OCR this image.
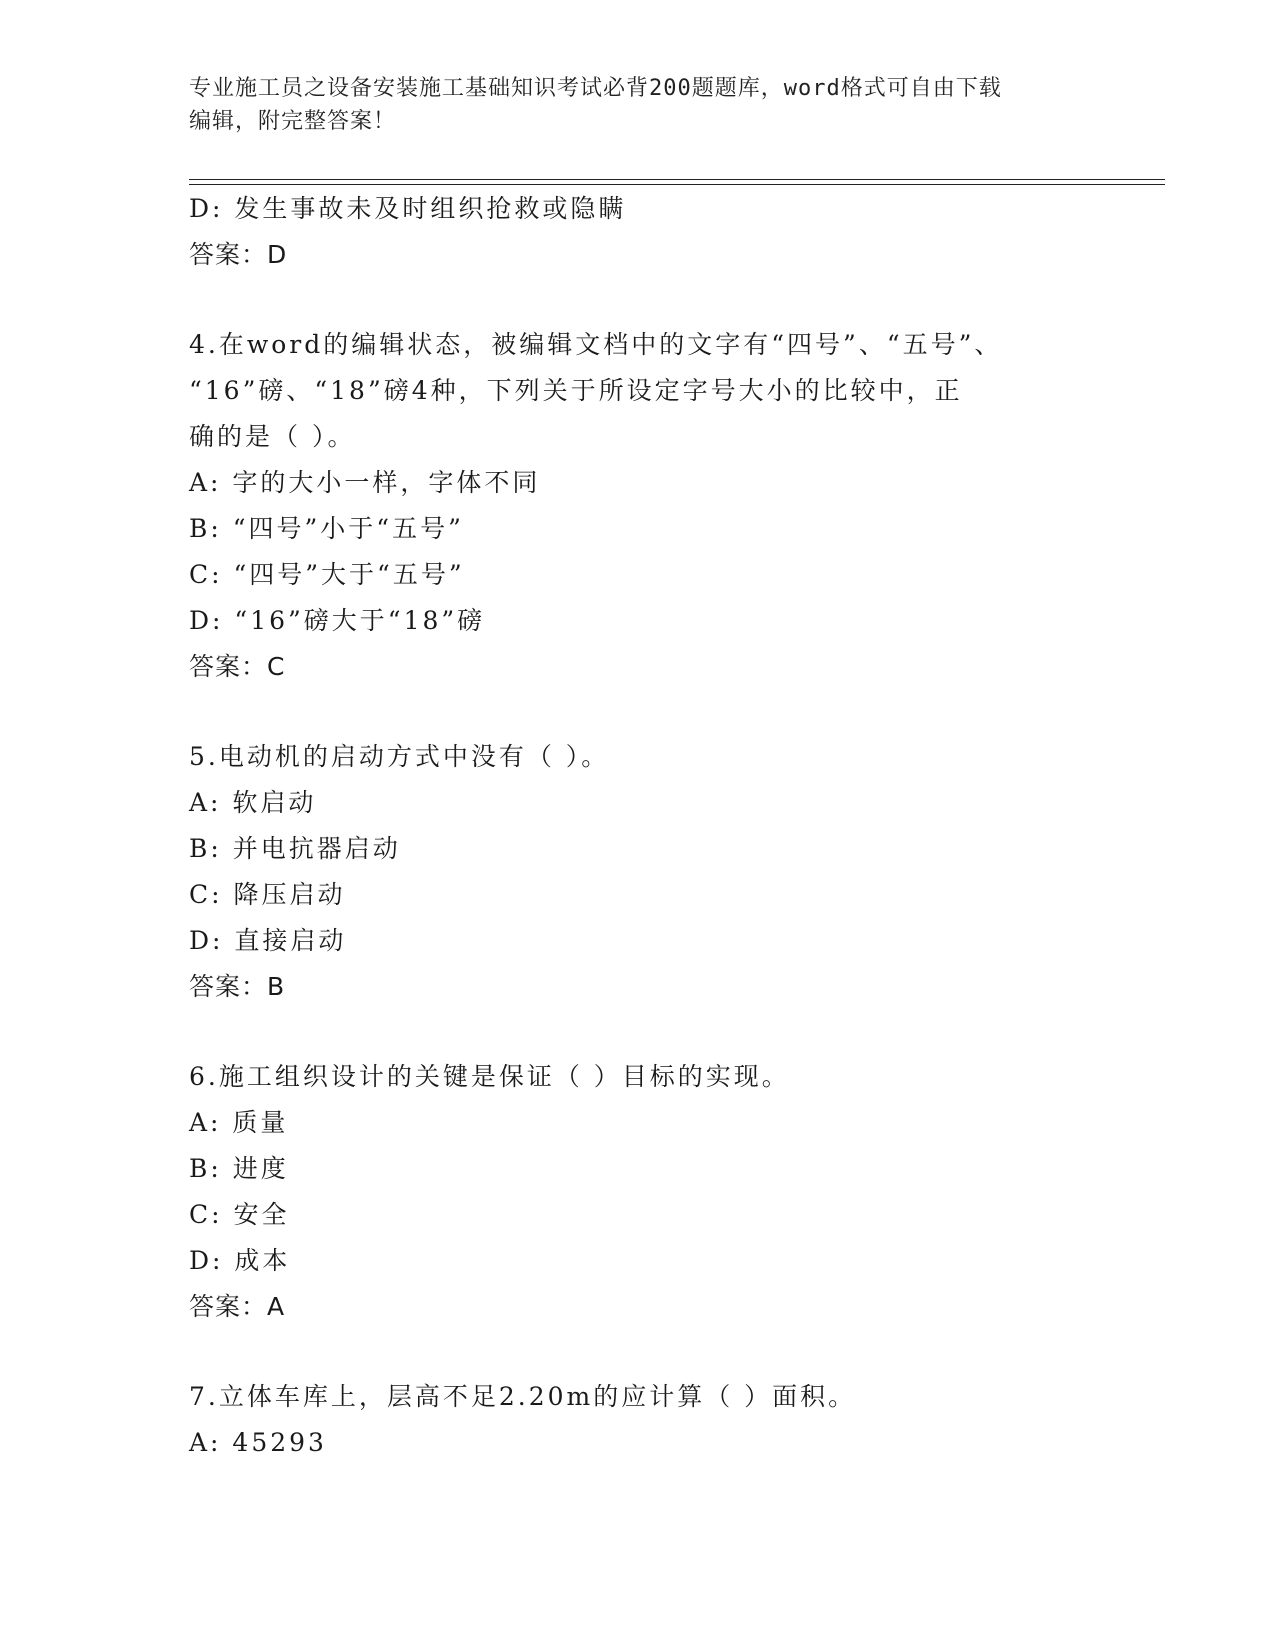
专业施工员之设备安装施工基础知识考试必背200题题库，word格式可自由下载
编辑，附完整答案！
D: 发生事故未及时组织抢救或隐瞒
答案：D
4.在word的编辑状态，被编辑文档中的文字有“四号”、“五号”、
“16”磅、“18”磅4种，下列关于所设定字号大小的比较中，正
确的是（ ）。
A: 字的大小一样，字体不同
B: “四号”小于“五号”
C: “四号”大于“五号”
D: “16”磅大于“18”磅
答案：C
5.电动机的启动方式中没有（ ）。
A: 软启动
B: 并电抗器启动
C: 降压启动
D: 直接启动
答案：B
6.施工组织设计的关键是保证（ ）目标的实现。
A: 质量
B: 进度
C: 安全
D: 成本
答案：A
7.立体车库上，层高不足2.20m的应计算（ ）面积。
A: 45293
